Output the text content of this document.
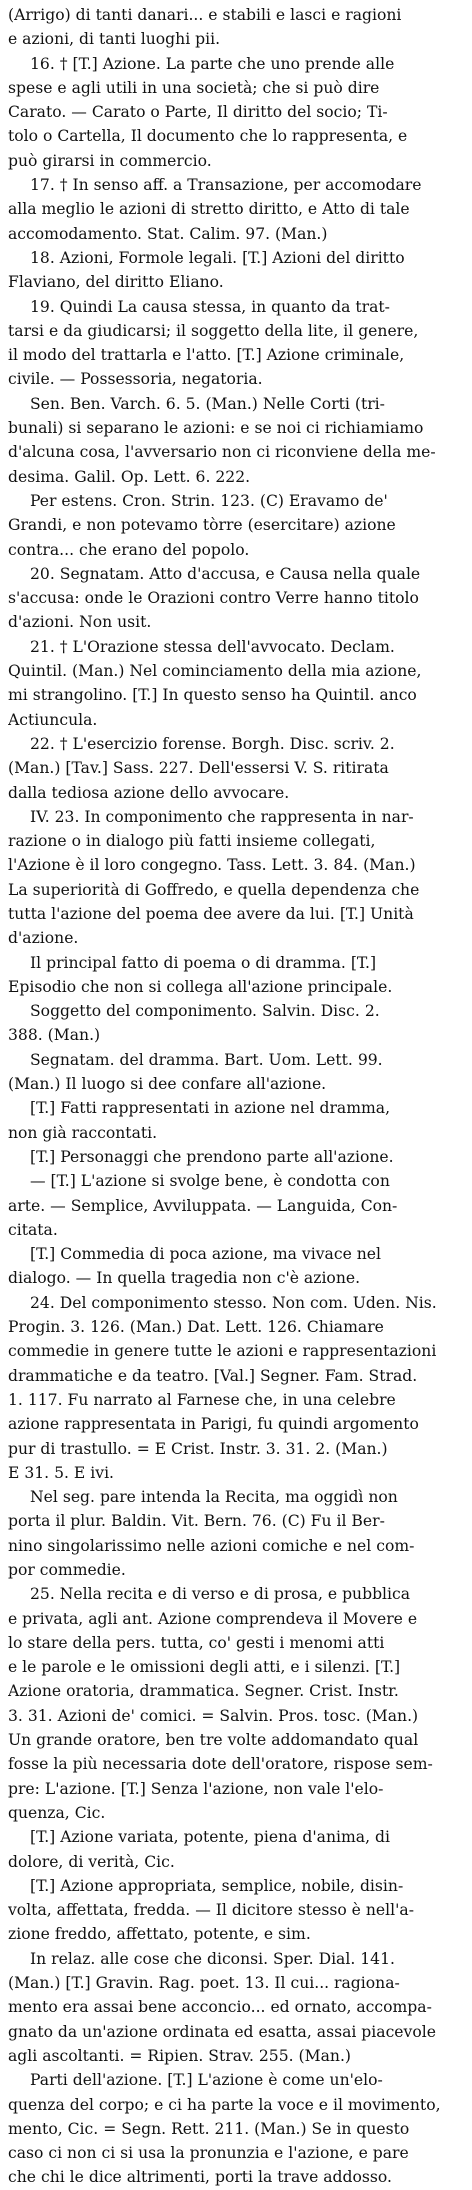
(Arrigo) di tanti danari... e stabili e lasci e ragioni
e azioni, di tanti luoghi pii.
16. † [T.] Azione. La parte che uno prende alle
spese e agli utili in una società; che si può dire
Carato. — Carato o Parte, Il diritto del socio; Ti-
tolo o Cartella, Il documento che lo rappresenta, e
può girarsi in commercio.
17. † In senso aff. a Transazione, per accomodare
alla meglio le azioni di stretto diritto, e Atto di tale
accomodamento. Stat. Calim. 97. (Man.)
18. Azioni, Formole legali. [T.] Azioni del diritto
Flaviano, del diritto Eliano.
19. Quindi La causa stessa, in quanto da trat-
tarsi e da giudicarsi; il soggetto della lite, il genere,
il modo del trattarla e l'atto. [T.] Azione criminale,
civile. — Possessoria, negatoria.
Sen. Ben. Varch. 6. 5. (Man.) Nelle Corti (tri-
bunali) si separano le azioni: e se noi ci richiamiamo
d'alcuna cosa, l'avversario non ci riconviene della me-
desima. Galil. Op. Lett. 6. 222.
Per estens. Cron. Strin. 123. (C) Eravamo de'
Grandi, e non potevamo tòrre (esercitare) azione
contra... che erano del popolo.
20. Segnatam. Atto d'accusa, e Causa nella quale
s'accusa: onde le Orazioni contro Verre hanno titolo
d'azioni. Non usit.
21. † L'Orazione stessa dell'avvocato. Declam.
Quintil. (Man.) Nel cominciamento della mia azione,
mi strangolino. [T.] In questo senso ha Quintil. anco
Actiuncula.
22. † L'esercizio forense. Borgh. Disc. scriv. 2.
(Man.) [Tav.] Sass. 227. Dell'essersi V. S. ritirata
dalla tediosa azione dello avvocare.
IV. 23. In componimento che rappresenta in nar-
razione o in dialogo più fatti insieme collegati,
l'Azione è il loro congegno. Tass. Lett. 3. 84. (Man.)
La superiorità di Goffredo, e quella dependenza che
tutta l'azione del poema dee avere da lui. [T.] Unità
d'azione.
Il principal fatto di poema o di dramma. [T.]
Episodio che non si collega all'azione principale.
Soggetto del componimento. Salvin. Disc. 2.
388. (Man.)
Segnatam. del dramma. Bart. Uom. Lett. 99.
(Man.) Il luogo si dee confare all'azione.
[T.] Fatti rappresentati in azione nel dramma,
non già raccontati.
[T.] Personaggi che prendono parte all'azione.
— [T.] L'azione si svolge bene, è condotta con
arte. — Semplice, Avviluppata. — Languida, Con-
citata.
[T.] Commedia di poca azione, ma vivace nel
dialogo. — In quella tragedia non c'è azione.
24. Del componimento stesso. Non com. Uden. Nis.
Progin. 3. 126. (Man.) Dat. Lett. 126. Chiamare
commedie in genere tutte le azioni e rappresentazioni
drammatiche e da teatro. [Val.] Segner. Fam. Strad.
1. 117. Fu narrato al Farnese che, in una celebre
azione rappresentata in Parigi, fu quindi argomento
pur di trastullo. = E Crist. Instr. 3. 31. 2. (Man.)
E 31. 5. E ivi.
Nel seg. pare intenda la Recita, ma oggidì non
porta il plur. Baldin. Vit. Bern. 76. (C) Fu il Ber-
nino singolarissimo nelle azioni comiche e nel com-
por commedie.
25. Nella recita e di verso e di prosa, e pubblica
e privata, agli ant. Azione comprendeva il Movere e
lo stare della pers. tutta, co' gesti i menomi atti
e le parole e le omissioni degli atti, e i silenzi. [T.]
Azione oratoria, drammatica. Segner. Crist. Instr.
3. 31. Azioni de' comici. = Salvin. Pros. tosc. (Man.)
Un grande oratore, ben tre volte addomandato qual
fosse la più necessaria dote dell'oratore, rispose sem-
pre: L'azione. [T.] Senza l'azione, non vale l'elo-
quenza, Cic.
[T.] Azione variata, potente, piena d'anima, di
dolore, di verità, Cic.
[T.] Azione appropriata, semplice, nobile, disin-
volta, affettata, fredda. — Il dicitore stesso è nell'a-
zione freddo, affettato, potente, e sim.
In relaz. alle cose che diconsi. Sper. Dial. 141.
(Man.) [T.] Gravin. Rag. poet. 13. Il cui... ragiona-
mento era assai bene acconcio... ed ornato, accompa-
gnato da un'azione ordinata ed esatta, assai piacevole
agli ascoltanti. = Ripien. Strav. 255. (Man.)
Parti dell'azione. [T.] L'azione è come un'elo-
quenza del corpo; e ci ha parte la voce e il movimento,
mento, Cic. = Segn. Rett. 211. (Man.) Se in questo
caso ci non ci si usa la pronunzia e l'azione, e pare
che chi le dice altrimenti, porti la trave addosso.
